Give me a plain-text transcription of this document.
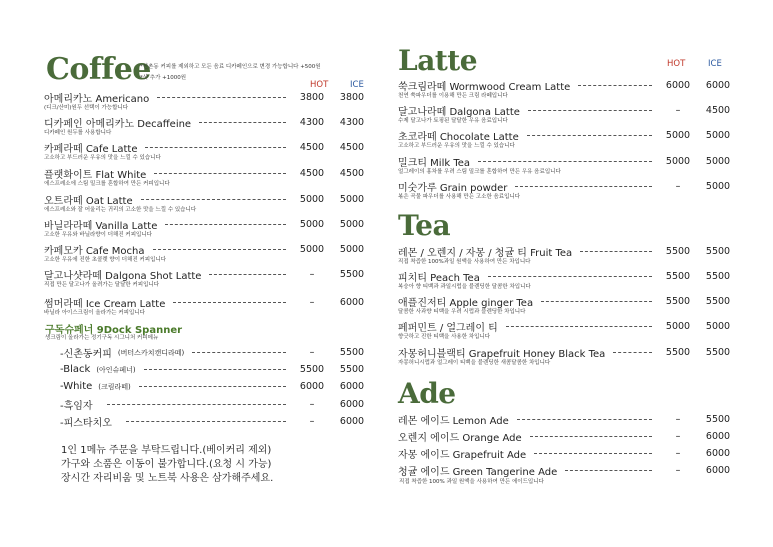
Coffee
*신촌동 커피를 제외하고 모든 음료 디카페인으로 변경 가능합니다 +500원
*샷 추가 +1000원
HOT	ICE
아메리카노 Americano	3800	3800
(디크/산미)원두 선택이 가능합니다
디카페인 아메리카노 Decaffeine	4300	4300
디카페인 원두를 사용합니다
카페라떼 Cafe Latte	4500	4500
고소하고 부드러운 우유의 맛을 느낄 수 있습니다
플랫화이트 Flat White	4500	4500
에스프레소에 스팀 밀크를 혼합하여 만든 커피입니다
오트라떼 Oat Latte	5000	5000
에스프레소와 잘 어울리는 귀리의 고소한 맛을 느낄 수 있습니다
바닐라라떼 Vanilla Latte	5000	5000
고소한 우유와 바닐라향이 더해진 커피입니다
카페모카 Cafe Mocha	5000	5000
고소한 우유에 진한 초콜렛 향이 더해진 커피입니다
달고나샷라떼 Dalgona Shot Latte	–	5500
직접 만든 달고나가 올려가는 달달한 커피입니다
썸머라떼 Ice Cream Latte	–	6000
바닐라 아이스크림이 올라가는 커피입니다
구독슈페너 9Dock Spanner
생크림이 올라가는 정기구독 시그니처 커피메뉴
-신촌동커피 (버터스카치캔디라떼)	–	5500
-Black (아인슈페너)	5500	5500
-White (크림라떼)	6000	6000
-흑임자	–	6000
-피스타치오	–	6000
1인 1메뉴 주문을 부탁드립니다.(베이커리 제외)
가구와 소품은 이동이 불가합니다.(요청 시 가능)
장시간 자리비움 및 노트북 사용은 삼가해주세요.
Latte	HOT	ICE
쑥크림라떼 Wormwood Cream Latte	6000	6000
천연 쑥파우더를 이용해 만든 크림 라떼입니다
달고나라떼 Dalgona Latte	–	4500
수제 달고나가 토핑된 달달한 우유 음료입니다
초코라떼 Chocolate Latte	5000	5000
고소하고 부드러운 우유의 맛을 느낄 수 있습니다
밀크티 Milk Tea	5000	5000
얼그레이의 홍차를 우려 스팀 밀크를 혼합하여 만든 우유 음료입니다
미숫가루 Grain powder	–	5000
볶은 곡물 파우더를 사용해 만든 고소한 음료입니다
Tea
레몬 / 오렌지 / 자몽 / 청귤 티 Fruit Tea	5500	5500
직접 착즙한 100%과일 원액을 사용하여 만든 차입니다
피치티 Peach Tea	5500	5500
복숭아 향 티백과 과일시럽을 블렌딩한 달콤한 차입니다
애플진저티 Apple ginger Tea	5500	5500
달콤한 사과향 티백을 우려 시럽과 블렌딩한 차입니다
페퍼민트 / 얼그레이 티	5000	5000
향긋하고 진한 티백을 사용한 차입니다
자몽허니블랙티 Grapefruit Honey Black Tea	5500	5500
자몽허니시럽과 얼그레이 티백을 블렌딩한 새콤달콤한 차입니다
Ade
레몬 에이드 Lemon Ade	–	5500
오렌지 에이드 Orange Ade	–	6000
자몽 에이드 Grapefruit Ade	–	6000
청귤 에이드 Green Tangerine Ade	–	6000
직접 착즙한 100% 과일 원액을 사용하여 만든 에이드입니다
